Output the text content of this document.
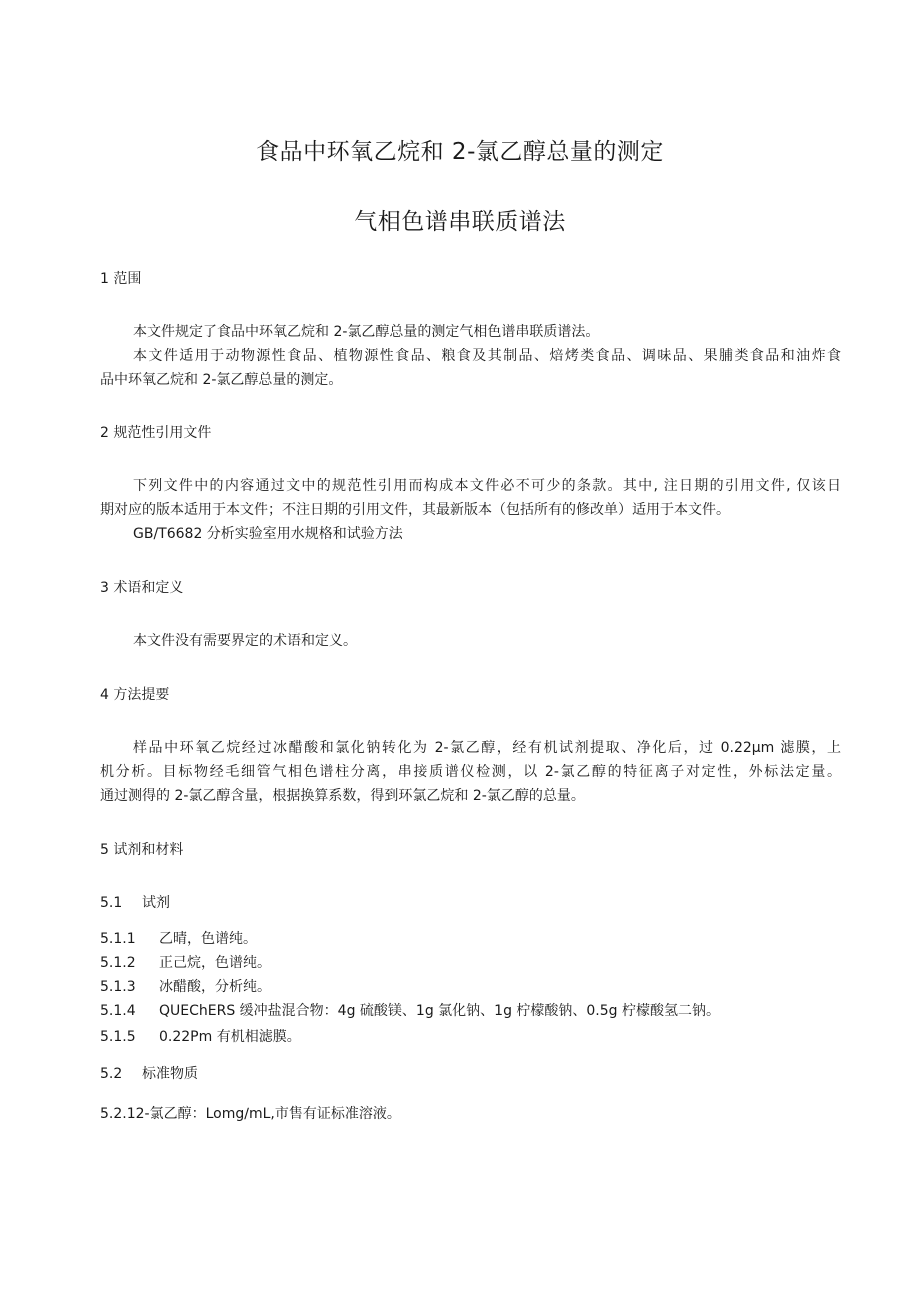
食品中环氧乙烷和 2-氯乙醇总量的测定
气相色谱串联质谱法
1 范围
本文件规定了食品中环氧乙烷和 2-氯乙醇总量的测定气相色谱串联质谱法。
本文件适用于动物源性食品、植物源性食品、粮食及其制品、焙烤类食品、调味品、果脯类食品和油炸食
品中环氧乙烷和 2-氯乙醇总量的测定。
2 规范性引用文件
下列文件中的内容通过文中的规范性引用而构成本文件必不可少的条款。其中, 注日期的引用文件, 仅该日
期对应的版本适用于本文件；不注日期的引用文件，其最新版本（包括所有的修改单）适用于本文件。
GB/T6682 分析实验室用水规格和试验方法
3 术语和定义
本文件没有需要界定的术语和定义。
4 方法提要
样品中环氧乙烷经过冰醋酸和氯化钠转化为 2-氯乙醇，经有机试剂提取、净化后，过 0.22μm 滤膜，上
机分析。目标物经毛细管气相色谱柱分离，串接质谱仪检测，以 2-氯乙醇的特征离子对定性，外标法定量。
通过测得的 2-氯乙醇含量，根据换算系数，得到环氯乙烷和 2-氯乙醇的总量。
5 试剂和材料
5.1 试剂
5.1.1 乙晴，色谱纯。
5.1.2 正己烷，色谱纯。
5.1.3 冰醋酸，分析纯。
5.1.4 QUEChERS 缓冲盐混合物：4g 硫酸镁、1g 氯化钠、1g 柠檬酸钠、0.5g 柠檬酸氢二钠。
5.1.5 0.22Pm 有机相滤膜。
5.2 标准物质
5.2.12-氯乙醇：Lomg∕mL,市售有证标准溶液。
